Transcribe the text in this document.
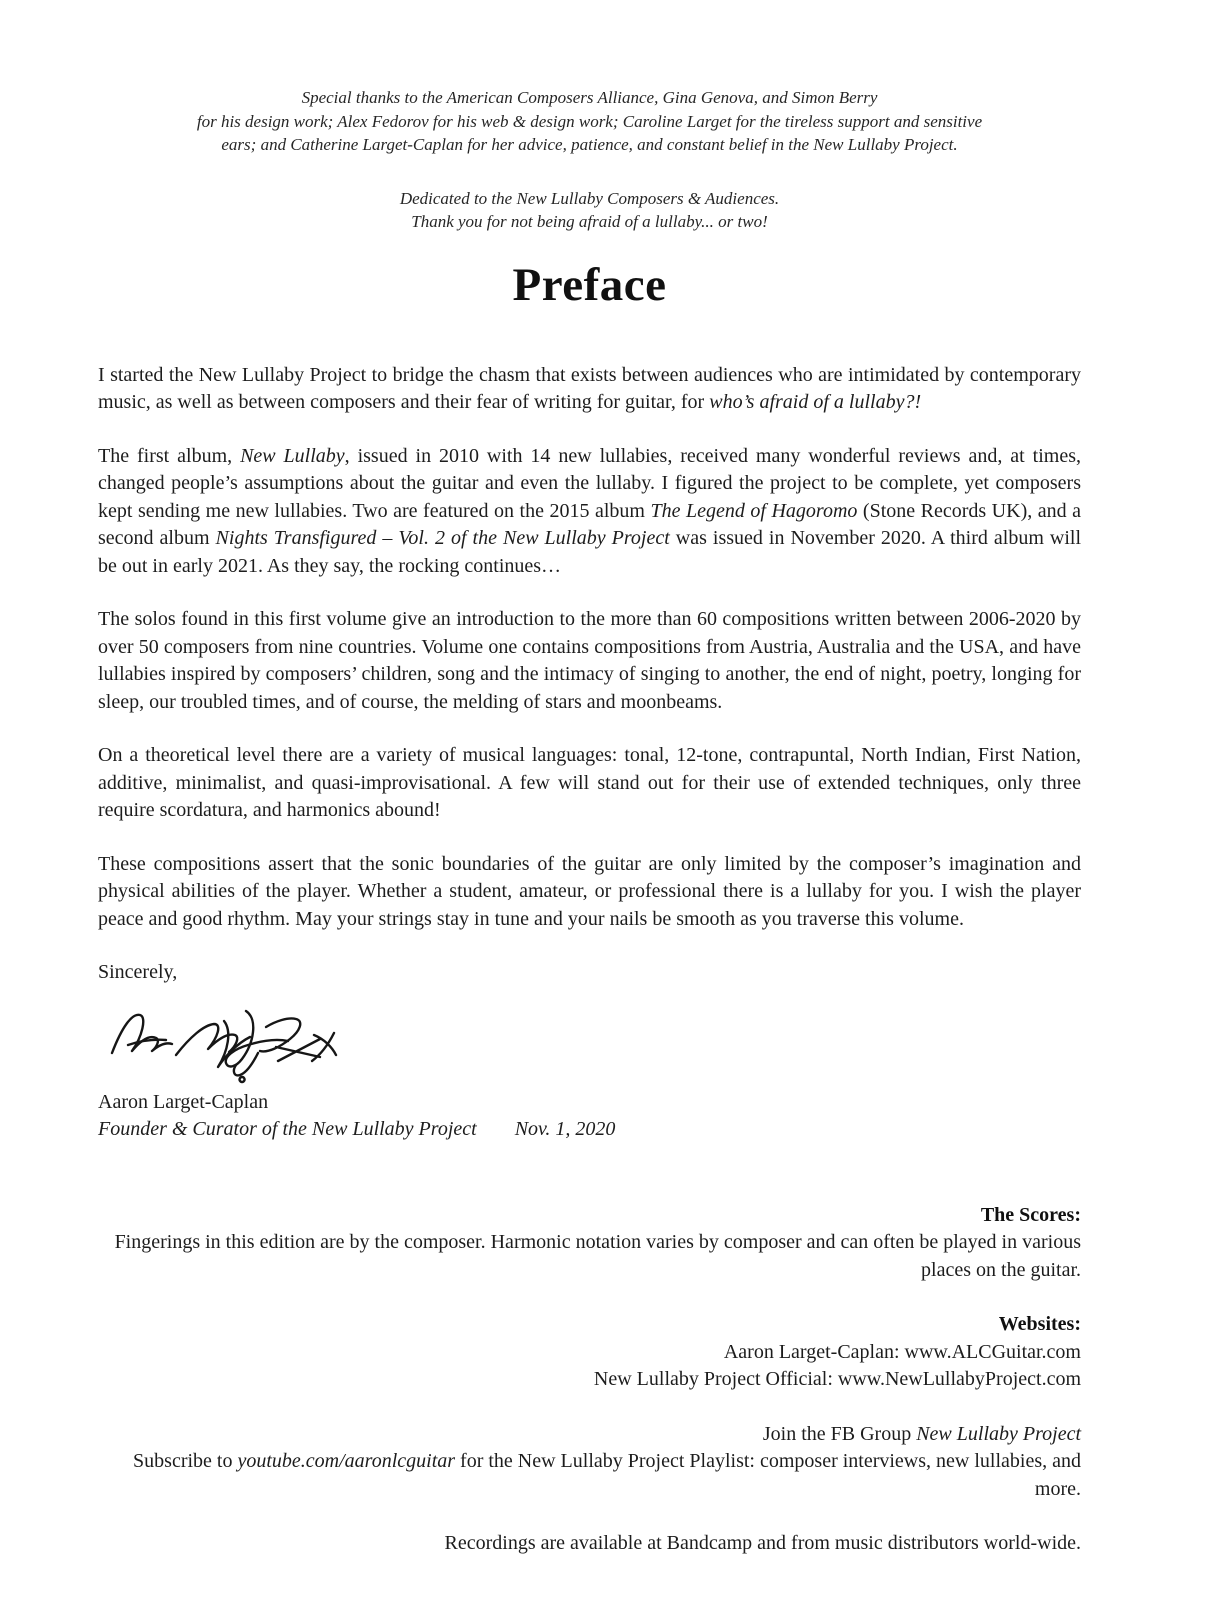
Special thanks to the American Composers Alliance, Gina Genova, and Simon Berry
for his design work; Alex Fedorov for his web & design work; Caroline Larget for the tireless support and sensitive
ears; and Catherine Larget-Caplan for her advice, patience, and constant belief in the New Lullaby Project.
Dedicated to the New Lullaby Composers & Audiences.
Thank you for not being afraid of a lullaby... or two!
Preface

I started the New Lullaby Project to bridge the chasm that exists between audiences who are intimidated by contemporary music, as well as between composers and their fear of writing for guitar, for who’s afraid of a lullaby?!

The first album, New Lullaby, issued in 2010 with 14 new lullabies, received many wonderful reviews and, at times, changed people’s assumptions about the guitar and even the lullaby. I figured the project to be complete, yet composers kept sending me new lullabies. Two are featured on the 2015 album The Legend of Hagoromo (Stone Records UK), and a second album Nights Transfigured – Vol. 2 of the New Lullaby Project was issued in November 2020. A third album will be out in early 2021. As they say, the rocking continues…

The solos found in this first volume give an introduction to the more than 60 compositions written between 2006-2020 by over 50 composers from nine countries. Volume one contains compositions from Austria, Australia and the USA, and have lullabies inspired by composers’ children, song and the intimacy of singing to another, the end of night, poetry, longing for sleep, our troubled times, and of course, the melding of stars and moonbeams.

On a theoretical level there are a variety of musical languages: tonal, 12-tone, contrapuntal, North Indian, First Nation, additive, minimalist, and quasi-improvisational. A few will stand out for their use of extended techniques, only three require scordatura, and harmonics abound!

These compositions assert that the sonic boundaries of the guitar are only limited by the composer’s imagination and physical abilities of the player. Whether a student, amateur, or professional there is a lullaby for you. I wish the player peace and good rhythm. May your strings stay in tune and your nails be smooth as you traverse this volume.

Sincerely,

Aaron Larget-Caplan

Founder & Curator of the New Lullaby Project Nov. 1, 2020

The Scores:
Fingerings in this edition are by the composer. Harmonic notation varies by composer and can often be played in various places on the guitar.
Websites:
Aaron Larget-Caplan: www.ALCGuitar.com
New Lullaby Project Official: www.NewLullabyProject.com
Join the FB Group New Lullaby Project
Subscribe to youtube.com/aaronlcguitar for the New Lullaby Project Playlist: composer interviews, new lullabies, and more.
Recordings are available at Bandcamp and from music distributors world-wide.
